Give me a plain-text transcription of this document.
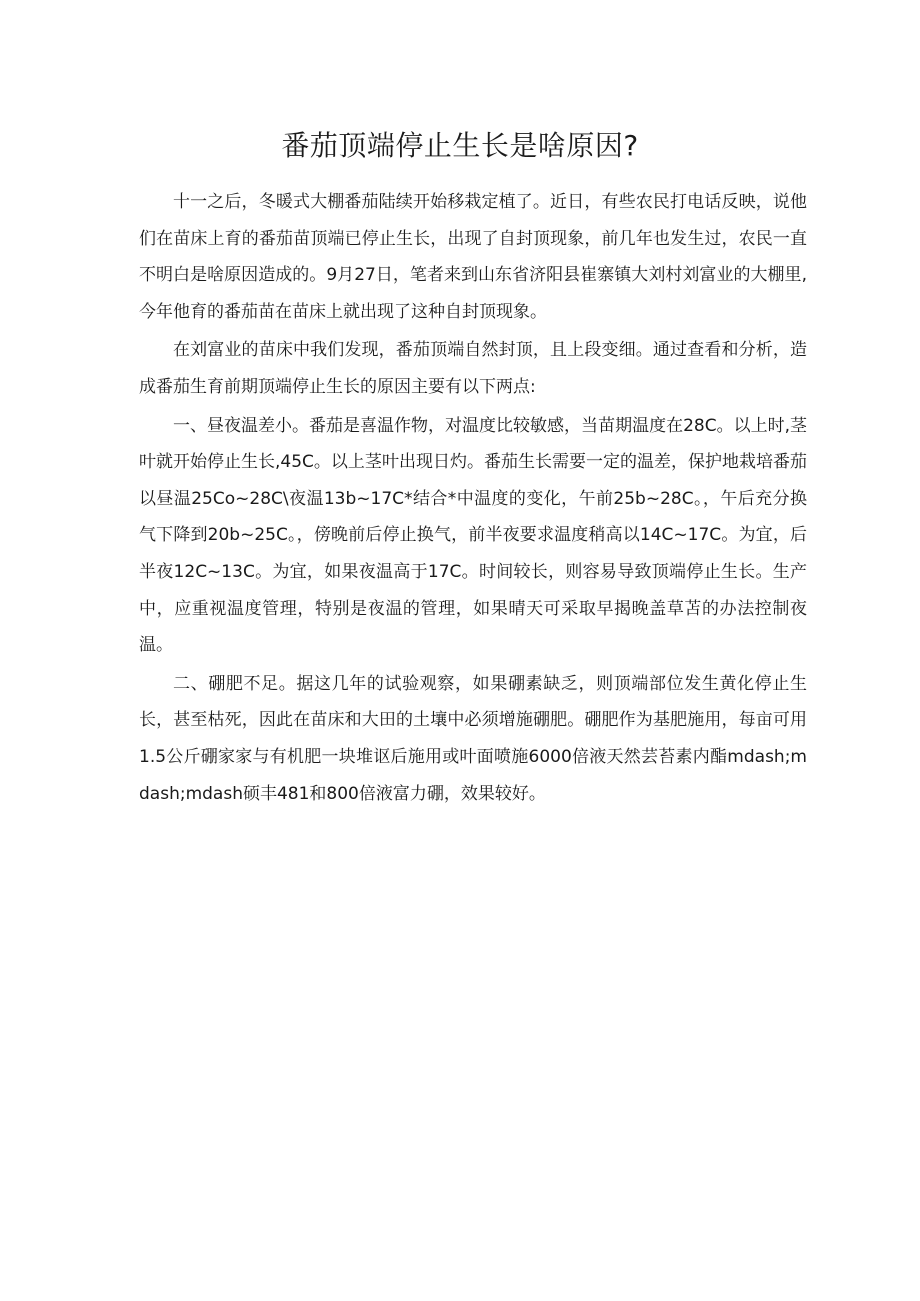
番茄顶端停止生长是啥原因?

十一之后，冬暖式大棚番茄陆续开始移栽定植了。近日，有些农民打电话反映，说他们在苗床上育的番茄苗顶端已停止生长，出现了自封顶现象，前几年也发生过，农民一直不明白是啥原因造成的。9月27日，笔者来到山东省济阳县崔寨镇大刘村刘富业的大棚里,今年他育的番茄苗在苗床上就出现了这种自封顶现象。

在刘富业的苗床中我们发现，番茄顶端自然封顶，且上段变细。通过查看和分析，造成番茄生育前期顶端停止生长的原因主要有以下两点:

一、昼夜温差小。番茄是喜温作物，对温度比较敏感，当苗期温度在28C。以上时,茎叶就开始停止生长,45C。以上茎叶出现日灼。番茄生长需要一定的温差，保护地栽培番茄以昼温25Co~28C\夜温13b~17C*结合*中温度的变化，午前25b~28C。，午后充分换气下降到20b~25C。，傍晚前后停止换气，前半夜要求温度稍高以14C~17C。为宜，后半夜12C~13C。为宜，如果夜温高于17C。时间较长，则容易导致顶端停止生长。生产中，应重视温度管理，特别是夜温的管理，如果晴天可采取早揭晚盖草苫的办法控制夜温。

二、硼肥不足。据这几年的试验观察，如果硼素缺乏，则顶端部位发生黄化停止生长，甚至枯死，因此在苗床和大田的土壤中必须增施硼肥。硼肥作为基肥施用，每亩可用1.5公斤硼家家与有机肥一块堆讴后施用或叶面喷施6000倍液天然芸苔素内酯mdash;mdash;mdash硕丰481和800倍液富力硼，效果较好。
